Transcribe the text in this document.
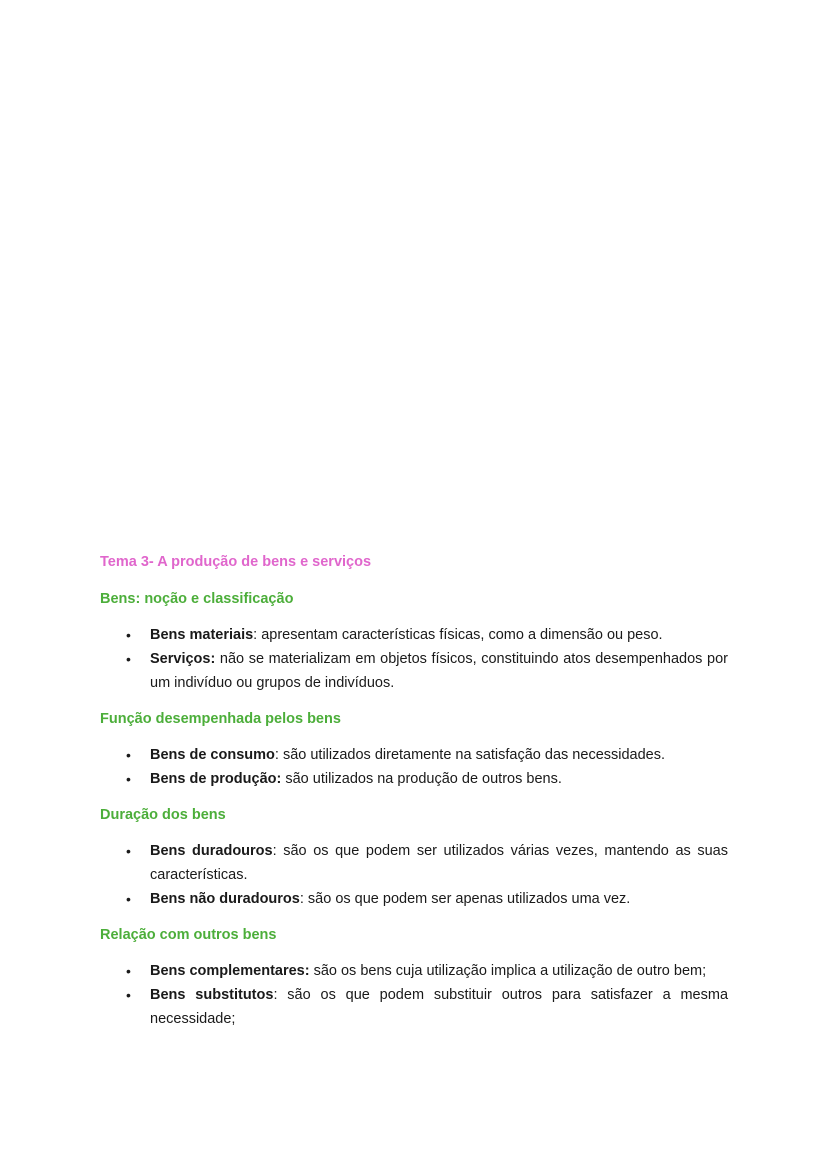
Tema 3- A produção de bens e serviços
Bens: noção e classificação
• Bens materiais: apresentam características físicas, como a dimensão ou peso.
• Serviços: não se materializam em objetos físicos, constituindo atos desempenhados por um indivíduo ou grupos de indivíduos.
Função desempenhada pelos bens
• Bens de consumo: são utilizados diretamente na satisfação das necessidades.
• Bens de produção: são utilizados na produção de outros bens.
Duração dos bens
• Bens duradouros: são os que podem ser utilizados várias vezes, mantendo as suas características.
• Bens não duradouros: são os que podem ser apenas utilizados uma vez.
Relação com outros bens
• Bens complementares: são os bens cuja utilização implica a utilização de outro bem;
• Bens substitutos: são os que podem substituir outros para satisfazer a mesma necessidade;
